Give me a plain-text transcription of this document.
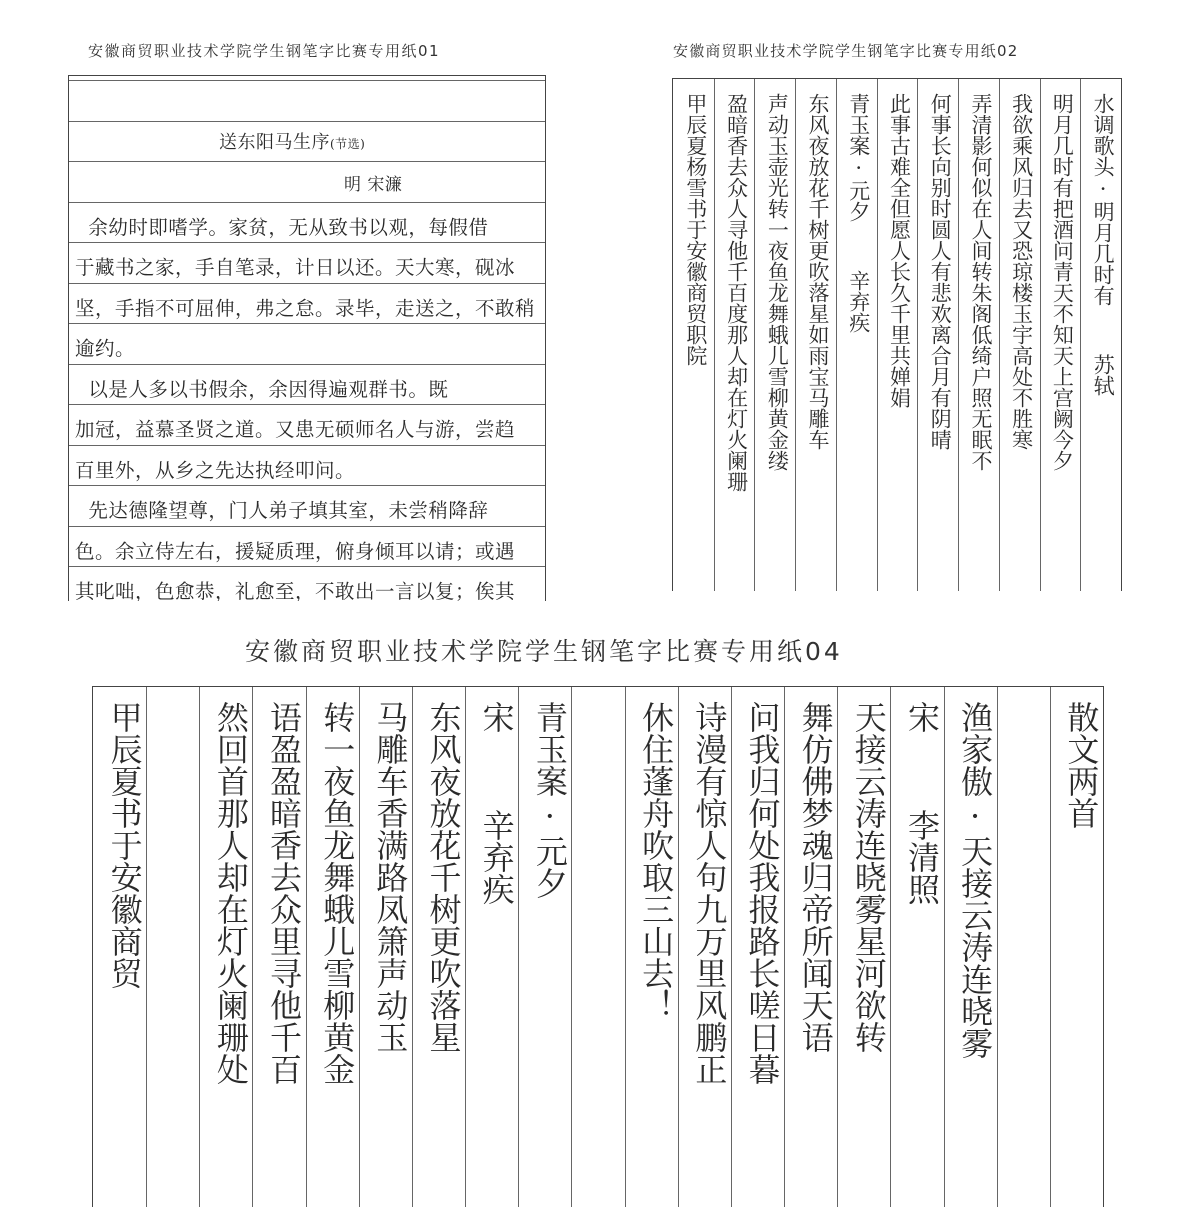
安徽商贸职业技术学院学生钢笔字比赛专用纸01
送东阳马生序(节选)
明 宋濂
余幼时即嗜学。家贫，无从致书以观，每假借
于藏书之家，手自笔录，计日以还。天大寒，砚冰
坚，手指不可屈伸，弗之怠。录毕，走送之，不敢稍
逾约。
以是人多以书假余，余因得遍观群书。既
加冠，益慕圣贤之道。又患无硕师名人与游，尝趋
百里外，从乡之先达执经叩问。
先达德隆望尊，门人弟子填其室，未尝稍降辞
色。余立侍左右，援疑质理，俯身倾耳以请；或遇
其叱咄，色愈恭，礼愈至，不敢出一言以复；俟其
安徽商贸职业技术学院学生钢笔字比赛专用纸02
水调歌头·明月几时有  苏轼
明月几时有把酒问青天不知天上宫阙今夕
我欲乘风归去又恐琼楼玉宇高处不胜寒
弄清影何似在人间转朱阁低绮户照无眠不
何事长向别时圆人有悲欢离合月有阴晴
此事古难全但愿人长久千里共婵娟
青玉案·元夕  辛弃疾
东风夜放花千树更吹落星如雨宝马雕车
声动玉壶光转一夜鱼龙舞蛾儿雪柳黄金缕
盈暗香去众人寻他千百度那人却在灯火阑珊
甲辰夏杨雪书于安徽商贸职院
安徽商贸职业技术学院学生钢笔字比赛专用纸04
散文两首
渔家傲·天接云涛连晓雾
宋  李清照
天接云涛连晓雾星河欲转
舞仿佛梦魂归帝所闻天语
问我归何处我报路长嗟日暮
诗漫有惊人句九万里风鹏正
休住蓬舟吹取三山去！
青玉案·元夕
宋  辛弃疾
东风夜放花千树更吹落星
马雕车香满路凤箫声动玉
转一夜鱼龙舞蛾儿雪柳黄金
语盈盈暗香去众里寻他千百
然回首那人却在灯火阑珊处
甲辰夏书于安徽商贸
